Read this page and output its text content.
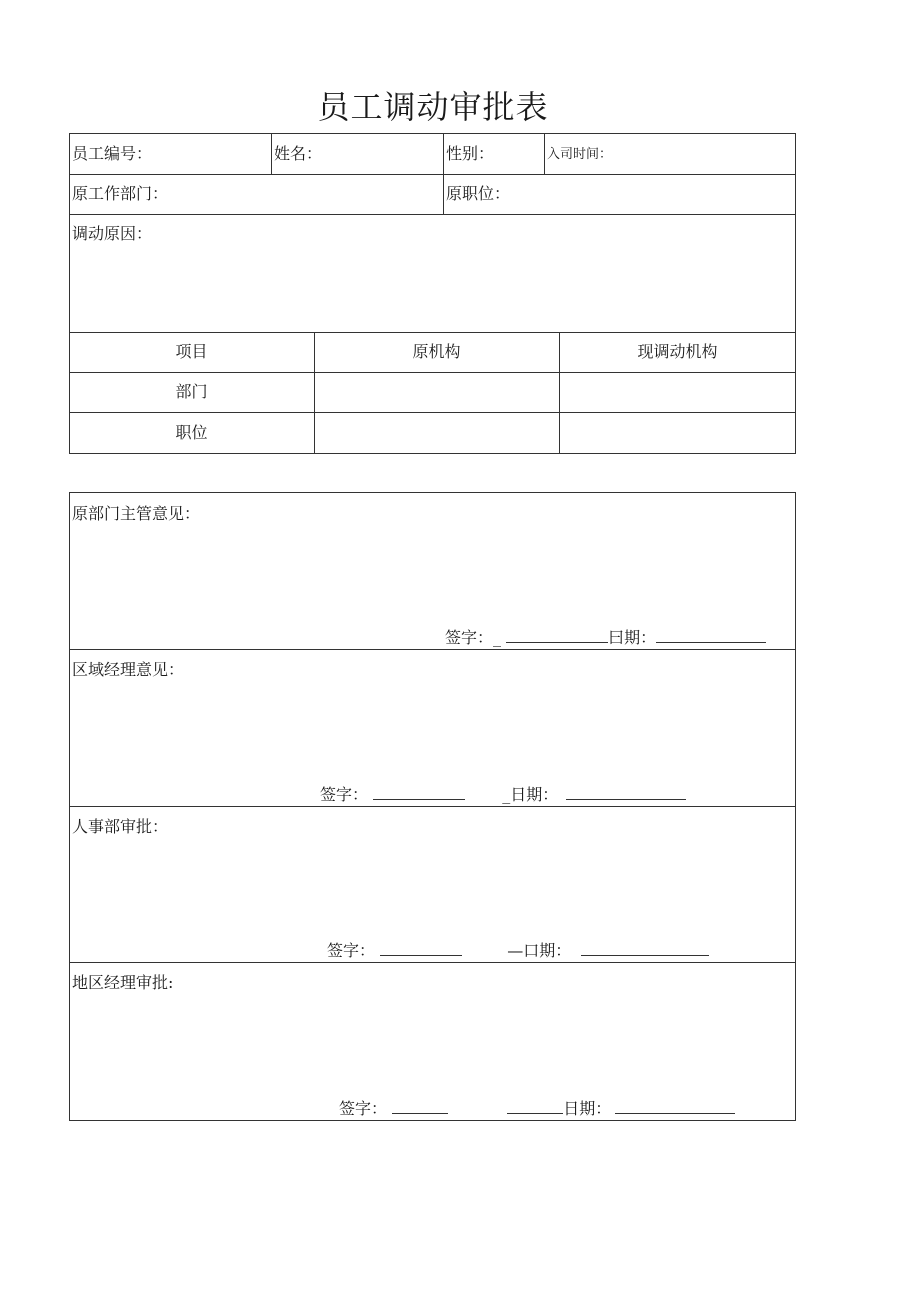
员工调动审批表
员工编号：	姓名：	性别：	入司时间：
原工作部门：	原职位：
调动原因：
项目	原机构	现调动机构
部门
职位
原部门主管意见：
签字：_	曰期：
区域经理意见：
签字：	_日期：
人事部审批：
签字：	—口期：
地区经理审批:
签字：	日期：
